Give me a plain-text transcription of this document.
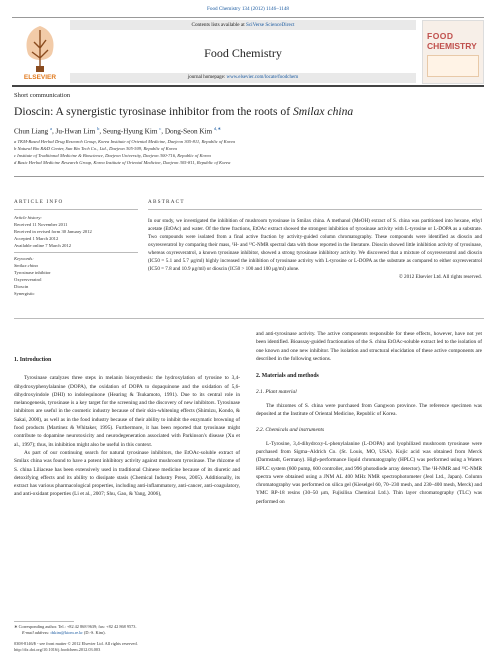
Food Chemistry 134 (2012) 1146–1148
ELSEVIER
Contents lists available at SciVerse ScienceDirect
Food Chemistry
journal homepage: www.elsevier.com/locate/foodchem
FOOD
CHEMISTRY
Short communication
Dioscin: A synergistic tyrosinase inhibitor from the roots of Smilax china
Chun Liang $^a$, Ju-Hwan Lim $^b$, Seung-Hyung Kim $^c$, Dong-Seon Kim $^{d,∗}$
a TKM-Based Herbal Drug Research Group, Korea Institute of Oriental Medicine, Daejeon 305-811, Republic of Korea
b Natural Bio R&D Center, Sun Bio Tech Co., Ltd., Daejeon 305-509, Republic of Korea
c Institute of Traditional Medicine & Bioscience, Daejeon University, Daejeon 300-716, Republic of Korea
d Basic Herbal Medicine Research Group, Korea Institute of Oriental Medicine, Daejeon 305-811, Republic of Korea
ARTICLE INFO	ABSTRACT
Article history:
Received 11 November 2011
Received in revised form 30 January 2012
Accepted 1 March 2012
Available online 7 March 2012
Keywords:
Smilax china
Tyrosinase inhibitor
Oxyresveratrol
Dioscin
Synergistic
In our study, we investigated the inhibition of mushroom tyrosinase in Smilax china. A methanol (MeOH) extract of S. china was partitioned into hexane, ethyl acetate (EtOAc) and water. Of the three fractions, EtOAc extract showed the strongest inhibition of tyrosinase activity with L-tyrosine or L-DOPA as a substrate. Two compounds were isolated from a final active fraction by activity-guided column chromatography. These compounds were identified as dioscin and oxyresveratrol by comparing their mass, ¹H- and ¹³C-NMR spectral data with those reported in the literature. Dioscin showed little inhibition activity of tyrosinase, whereas oxyresveratrol, a known tyrosinase inhibitor, showed a strong tyrosinase inhibitory activity. We discovered that a mixture of oxyresveratrol and dioscin (IC50 = 5.1 and 5.7 μg/ml) highly increased the inhibition of tyrosinase activity with L-tyrosine or L-DOPA as the substrate as compared to either oxyresveratrol (IC50 = 7.8 and 10.9 μg/ml) or dioscin (IC50 > 100 and 100 μg/ml) alone.
© 2012 Elsevier Ltd. All rights reserved.
1. Introduction

Tyrosinase catalyzes three steps in melanin biosynthesis: the hydroxylation of tyrosine to 3,4-dihydroxyphenylalanine (DOPA), the oxidation of DOPA to dopaquinone and the oxidation of 5,6-dihydroxyindole (DHI) to indolequinone (Hearing & Tsukamoto, 1991). Due to its central role in melanogenesis, tyrosinase is a key target for the screening and the discovery of new inhibitors. Tyrosinase inhibitors are useful in the cosmetic industry because of their skin-whitening effects (Shimizu, Kondo, & Sakai, 2000), as well as in the food industry because of their ability to inhibit the enzymatic browning of food products (Martinez & Whitaker, 1995). Furthermore, it has been reported that tyrosinase might contribute to dopamine neurotoxicity and neurodegeneration associated with Parkinson's disease (Xu et al., 1997); thus, its inhibition might also be useful in this context.

As part of our continuing search for natural tyrosinase inhibitors, the EtOAc-soluble extract of Smilax china was found to have a potent inhibitory activity against mushroom tyrosinase. The rhizome of S. china Liliaceae has been extensively used in traditional Chinese medicine because of its diuretic and detoxifying effects and its ability to dissipate stasis (Chemical Industry Press, 2005). Additionally, its extract has various pharmacological properties, including anti-inflammatory, anti-cancer, anti-coagulatory, and anti-oxidant properties (Li et al., 2007; Shu, Gao, & Yang, 2006),

and anti-tyrosinase activity. The active components responsible for these effects, however, have not yet been identified. Bioassay-guided fractionation of the S. china EtOAc-soluble extract led to the isolation of one known and one new inhibitor. The isolation and structural elucidation of these active components are described in the following sections.

2. Materials and methods
2.1. Plant material

The rhizomes of S. china were purchased from Gangwon province. The reference specimen was deposited at the Institute of Oriental Medicine, Republic of Korea.

2.2. Chemicals and instruments

L-Tyrosine, 3,4-dihydroxy-L-phenylalanine (L-DOPA) and lyophilized mushroom tyrosinase were purchased from Sigma–Aldrich Co. (St. Louis, MO, USA). Kojic acid was obtained from Merck (Darmstadt, Germany). High-performance liquid chromatography (HPLC) was performed using a Waters HPLC system (600 pump, 600 controller, and 996 photodiode array detector). The ¹H-NMR and ¹³C-NMR spectra were obtained using a JNM AL 400 MHz NMR spectrophotometer (Jeol Ltd., Japan). Column chromatography was performed on silica gel (Kieselgel 60, 70–230 mesh, and 230–400 mesh, Merck) and YMC RP-18 resins (30–50 μm, Fujisilisa Chemical Ltd.). Thin layer chromatography (TLC) was performed on

∗ Corresponding author. Tel.: +82 42 868 9639; fax: +82 42 868 9573.
E-mail address: dskim@kiom.re.kr (D.-S. Kim).
0308-8146/$ - see front matter © 2012 Elsevier Ltd. All rights reserved.
http://dx.doi.org/10.1016/j.foodchem.2012.03.003
